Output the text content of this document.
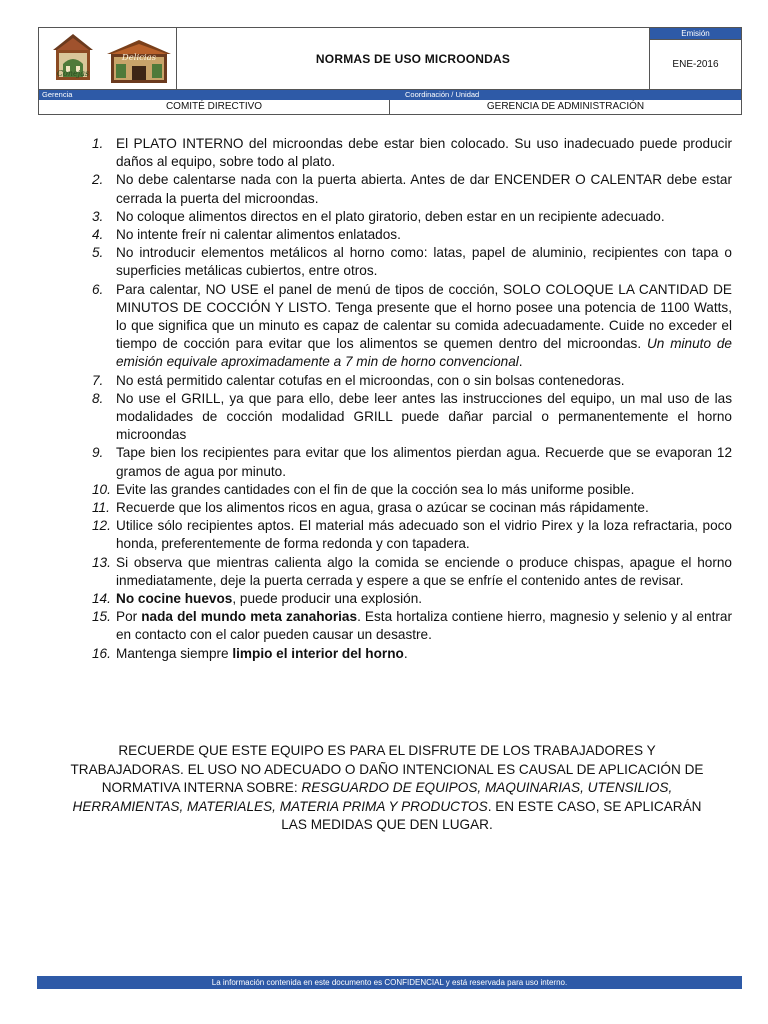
Conejas
Delicias	NORMAS DE USO MICROONDAS
Emisión
ENE-2016
Gerencia	Coordinación / Unidad
COMITÉ DIRECTIVO	GERENCIA DE ADMINISTRACIÓN
1. El PLATO INTERNO del microondas debe estar bien colocado. Su uso inadecuado puede producir daños al equipo, sobre todo al plato.
2. No debe calentarse nada con la puerta abierta. Antes de dar ENCENDER O CALENTAR debe estar cerrada la puerta del microondas.
3. No coloque alimentos directos en el plato giratorio, deben estar en un recipiente adecuado.
4. No intente freír ni calentar alimentos enlatados.
5. No introducir elementos metálicos al horno como: latas, papel de aluminio, recipientes con tapa o superficies metálicas cubiertos, entre otros.
6. Para calentar, NO USE el panel de menú de tipos de cocción, SOLO COLOQUE LA CANTIDAD DE MINUTOS DE COCCIÓN Y LISTO. Tenga presente que el horno posee una potencia de 1100 Watts, lo que significa que un minuto es capaz de calentar su comida adecuadamente. Cuide no exceder el tiempo de cocción para evitar que los alimentos se quemen dentro del microondas. Un minuto de emisión equivale aproximadamente a 7 min de horno convencional.
7. No está permitido calentar cotufas en el microondas, con o sin bolsas contenedoras.
8. No use el GRILL, ya que para ello, debe leer antes las instrucciones del equipo, un mal uso de las modalidades de cocción modalidad GRILL puede dañar parcial o permanentemente el horno microondas
9. Tape bien los recipientes para evitar que los alimentos pierdan agua. Recuerde que se evaporan 12 gramos de agua por minuto.
10. Evite las grandes cantidades con el fin de que la cocción sea lo más uniforme posible.
11. Recuerde que los alimentos ricos en agua, grasa o azúcar se cocinan más rápidamente.
12. Utilice sólo recipientes aptos. El material más adecuado son el vidrio Pirex y la loza refractaria, poco honda, preferentemente de forma redonda y con tapadera.
13. Si observa que mientras calienta algo la comida se enciende o produce chispas, apague el horno inmediatamente, deje la puerta cerrada y espere a que se enfríe el contenido antes de revisar.
14. No cocine huevos, puede producir una explosión.
15. Por nada del mundo meta zanahorias. Esta hortaliza contiene hierro, magnesio y selenio y al entrar en contacto con el calor pueden causar un desastre.
16. Mantenga siempre limpio el interior del horno.
RECUERDE QUE ESTE EQUIPO ES PARA EL DISFRUTE DE LOS TRABAJADORES Y TRABAJADORAS. EL USO NO ADECUADO O DAÑO INTENCIONAL ES CAUSAL DE APLICACIÓN DE NORMATIVA INTERNA SOBRE: RESGUARDO DE EQUIPOS, MAQUINARIAS, UTENSILIOS, HERRAMIENTAS, MATERIALES, MATERIA PRIMA Y PRODUCTOS. EN ESTE CASO, SE APLICARÁN LAS MEDIDAS QUE DEN LUGAR.
La información contenida en este documento es CONFIDENCIAL y está reservada para uso interno.
